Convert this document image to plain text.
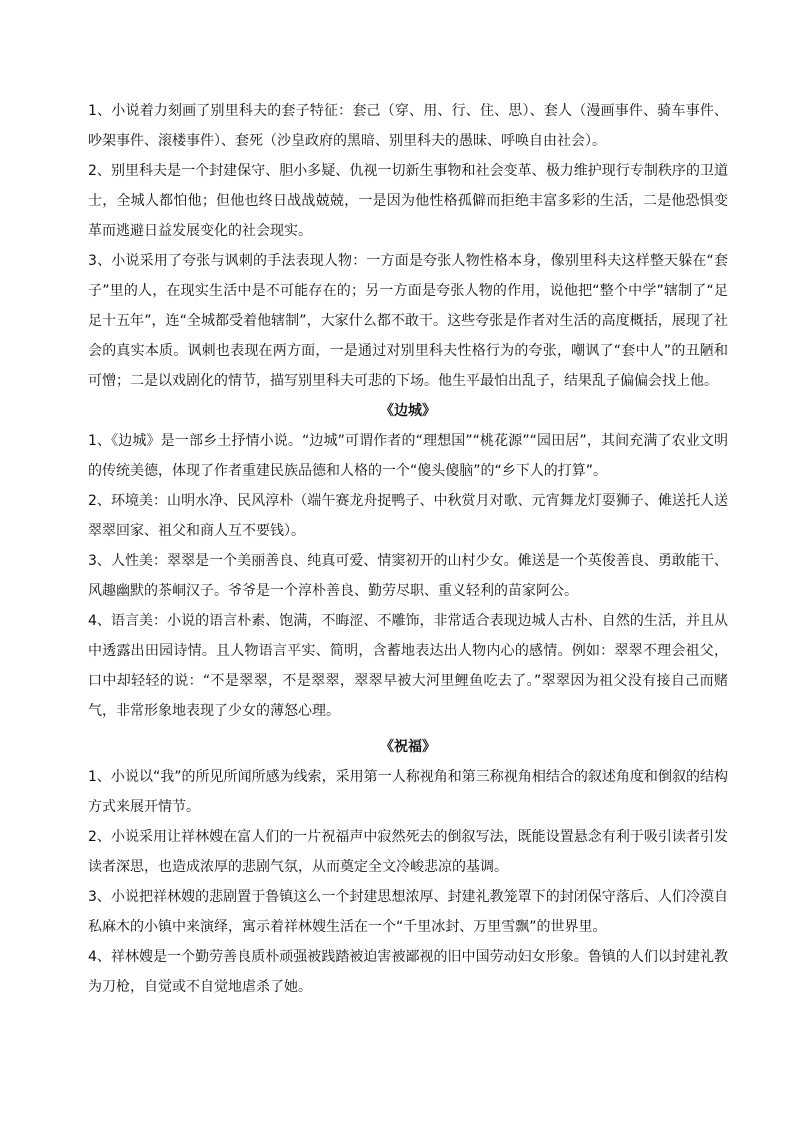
1、小说着力刻画了别里科夫的套子特征：套己（穿、用、行、住、思）、套人（漫画事件、骑车事件、吵架事件、滚楼事件）、套死（沙皇政府的黑暗、别里科夫的愚昧、呼唤自由社会）。

2、别里科夫是一个封建保守、胆小多疑、仇视一切新生事物和社会变革、极力维护现行专制秩序的卫道士，全城人都怕他；但他也终日战战兢兢，一是因为他性格孤僻而拒绝丰富多彩的生活，二是他恐惧变革而逃避日益发展变化的社会现实。

3、小说采用了夸张与讽刺的手法表现人物：一方面是夸张人物性格本身，像别里科夫这样整天躲在“套子”里的人，在现实生活中是不可能存在的；另一方面是夸张人物的作用，说他把“整个中学”辖制了“足足十五年”，连“全城都受着他辖制”，大家什么都不敢干。这些夸张是作者对生活的高度概括，展现了社会的真实本质。讽刺也表现在两方面，一是通过对别里科夫性格行为的夸张，嘲讽了“套中人”的丑陋和可憎；二是以戏剧化的情节，描写别里科夫可悲的下场。他生平最怕出乱子，结果乱子偏偏会找上他。

《边城》

1、《边城》是一部乡土抒情小说。“边城”可谓作者的“理想国”“桃花源”“园田居”，其间充满了农业文明的传统美德，体现了作者重建民族品德和人格的一个“傻头傻脑”的“乡下人的打算”。

2、环境美：山明水净、民风淳朴（端午赛龙舟捉鸭子、中秋赏月对歌、元宵舞龙灯耍狮子、傩送托人送翠翠回家、祖父和商人互不要钱）。

3、人性美：翠翠是一个美丽善良、纯真可爱、情窦初开的山村少女。傩送是一个英俊善良、勇敢能干、风趣幽默的茶峒汉子。爷爷是一个淳朴善良、勤劳尽职、重义轻利的苗家阿公。

4、语言美：小说的语言朴素、饱满，不晦涩、不雕饰，非常适合表现边城人古朴、自然的生活，并且从中透露出田园诗情。且人物语言平实、简明，含蓄地表达出人物内心的感情。例如：翠翠不理会祖父，口中却轻轻的说：“不是翠翠，不是翠翠，翠翠早被大河里鲤鱼吃去了。”翠翠因为祖父没有接自己而赌气，非常形象地表现了少女的薄怒心理。

《祝福》

1、小说以“我”的所见所闻所感为线索，采用第一人称视角和第三称视角相结合的叙述角度和倒叙的结构方式来展开情节。

2、小说采用让祥林嫂在富人们的一片祝福声中寂然死去的倒叙写法，既能设置悬念有利于吸引读者引发读者深思，也造成浓厚的悲剧气氛，从而奠定全文冷峻悲凉的基调。

3、小说把祥林嫂的悲剧置于鲁镇这么一个封建思想浓厚、封建礼教笼罩下的封闭保守落后、人们冷漠自私麻木的小镇中来演绎，寓示着祥林嫂生活在一个“千里冰封、万里雪飘”的世界里。

4、祥林嫂是一个勤劳善良质朴顽强被践踏被迫害被鄙视的旧中国劳动妇女形象。鲁镇的人们以封建礼教为刀枪，自觉或不自觉地虐杀了她。
